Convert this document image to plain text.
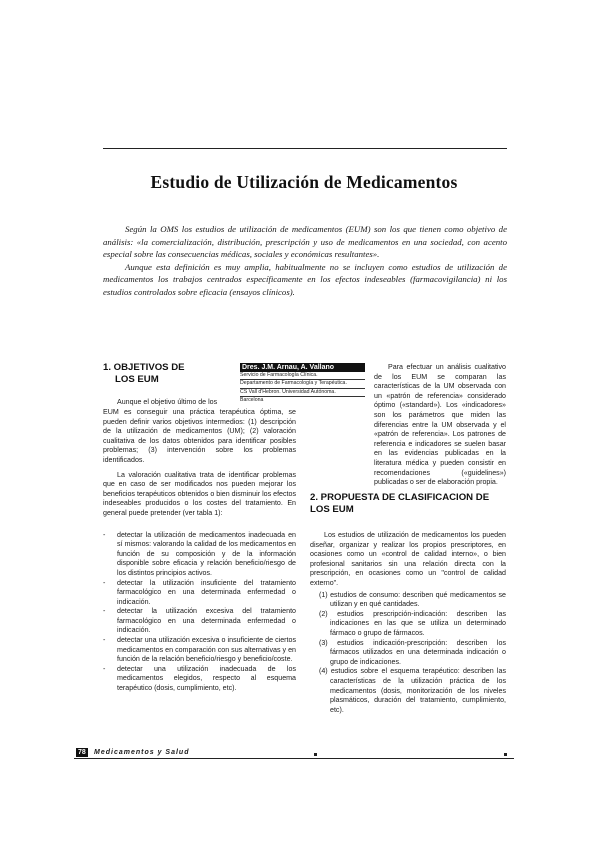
Estudio de Utilización de Medicamentos

Según la OMS los estudios de utilización de medicamentos (EUM) son los que tienen como objetivo de análisis: «la comercialización, distribución, prescripción y uso de medicamentos en una sociedad, con acento especial sobre las consecuencias médicas, sociales y económicas resultantes».

Aunque esta definición es muy amplia, habitualmente no se incluyen como estudios de utilización de medicamentos los trabajos centrados específicamente en los efectos indeseables (farmacovigilancia) ni los estudios controlados sobre eficacia (ensayos clínicos).

1. OBJETIVOS DE
LOS EUM
Dres. J.M. Arnau, A. Vallano
Servicio de Farmacología Clínica.
Departamento de Farmacología y Terapéutica.
CS Vall d'Hebron. Universidad Autónoma.
Barcelona
Aunque el objetivo último de los

EUM es conseguir una práctica terapéutica óptima, se pueden definir varios objetivos intermedios: (1) descripción de la utilización de medicamentos (UM); (2) valoración cualitativa de los datos obtenidos para identificar posibles problemas; (3) intervención sobre los problemas identificados.

La valoración cualitativa trata de identificar problemas que en caso de ser modificados nos pueden mejorar los beneficios terapéuticos obtenidos o bien disminuir los efectos indeseables producidos o los costes del tratamiento. En general puede pretender (ver tabla 1):

- detectar la utilización de medicamentos inadecuada en sí mismos: valorando la calidad de los medicamentos en función de su composición y de la información disponible sobre eficacia y relación beneficio/riesgo de los distintos principios activos.
- detectar la utilización insuficiente del tratamiento farmacológico en una determinada enfermedad o indicación.
- detectar la utilización excesiva del tratamiento farmacológico en una determinada enfermedad o indicación.
- detectar una utilización excesiva o insuficiente de ciertos medicamentos en comparación con sus alternativas y en función de la relación beneficio/riesgo y beneficio/coste.
- detectar una utilización inadecuada de los medicamentos elegidos, respecto al esquema terapéutico (dosis, cumplimiento, etc).

Para efectuar un análisis cualitativo de los EUM se comparan las características de la UM observada con un «patrón de referencia» considerado óptimo («standard»). Los «indicadores» son los parámetros que miden las diferencias entre la UM observada y el «patrón de referencia». Los patrones de referencia e indicadores se suelen basar en las evidencias publicadas en la literatura médica y pueden consistir en recomendaciones («guidelines») publicadas o ser de elaboración propia.

2. PROPUESTA DE CLASIFICACION DE
LOS EUM

Los estudios de utilización de medicamentos los pueden diseñar, organizar y realizar los propios prescriptores, en ocasiones como un «control de calidad interno», o bien profesional sanitarios sin una relación directa con la prescripción, en ocasiones como un "control de calidad externo".

(1) estudios de consumo: describen qué medicamentos se utilizan y en qué cantidades.
(2) estudios prescripción-indicación: describen las indicaciones en las que se utiliza un determinado fármaco o grupo de fármacos.
(3) estudios indicación-prescripción: describen los fármacos utilizados en una determinada indicación o grupo de indicaciones.
(4) estudios sobre el esquema terapéutico: describen las características de la utilización práctica de los medicamentos (dosis, monitorización de los niveles plasmáticos, duración del tratamiento, cumplimiento, etc).
78 Medicamentos y Salud
